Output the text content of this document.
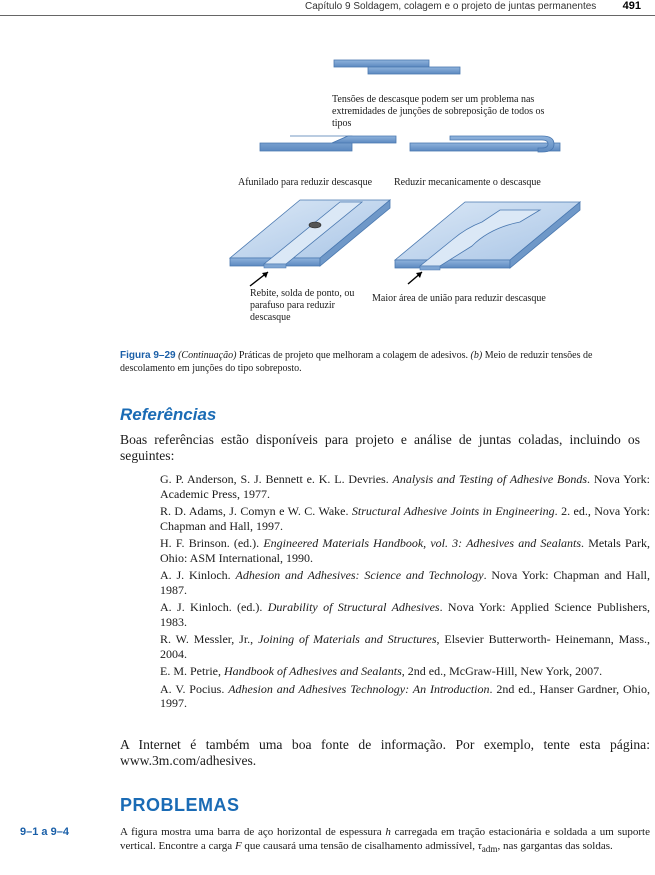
Capítulo 9 Soldagem, colagem e o projeto de juntas permanentes 491
Tensões de descasque podem ser um problema nas extremidades de junções de sobreposição de todos os tipos
Afunilado para reduzir descasque Reduzir mecanicamente o descasque
Rebite, solda de ponto, ou parafuso para reduzir descasque
Maior área de união para reduzir descasque
Figura 9–29 (Continuação) Práticas de projeto que melhoram a colagem de adesivos. (b) Meio de reduzir tensões de descolamento em junções do tipo sobreposto.
Referências
Boas referências estão disponíveis para projeto e análise de juntas coladas, incluindo os seguintes:

G. P. Anderson, S. J. Bennett e. K. L. Devries. Analysis and Testing of Adhesive Bonds. Nova York: Academic Press, 1977.

R. D. Adams, J. Comyn e W. C. Wake. Structural Adhesive Joints in Engineering. 2. ed., Nova York: Chapman and Hall, 1997.

H. F. Brinson. (ed.). Engineered Materials Handbook, vol. 3: Adhesives and Sealants. Metals Park, Ohio: ASM International, 1990.

A. J. Kinloch. Adhesion and Adhesives: Science and Technology. Nova York: Chapman and Hall, 1987.

A. J. Kinloch. (ed.). Durability of Structural Adhesives. Nova York: Applied Science Publishers, 1983.

R. W. Messler, Jr., Joining of Materials and Structures, Elsevier Butterworth- Heinemann, Mass., 2004.

E. M. Petrie, Handbook of Adhesives and Sealants, 2nd ed., McGraw-Hill, New York, 2007.

A. V. Pocius. Adhesion and Adhesives Technology: An Introduction. 2nd ed., Hanser Gardner, Ohio, 1997.

A Internet é também uma boa fonte de informação. Por exemplo, tente esta página: www.3m.com/adhesives.
PROBLEMAS
9–1 a 9–4	A figura mostra uma barra de aço horizontal de espessura h carregada em tração estacionária e soldada a um suporte vertical. Encontre a carga F que causará uma tensão de cisalhamento admissível, $\tau_{adm}$, nas gargantas das soldas.
